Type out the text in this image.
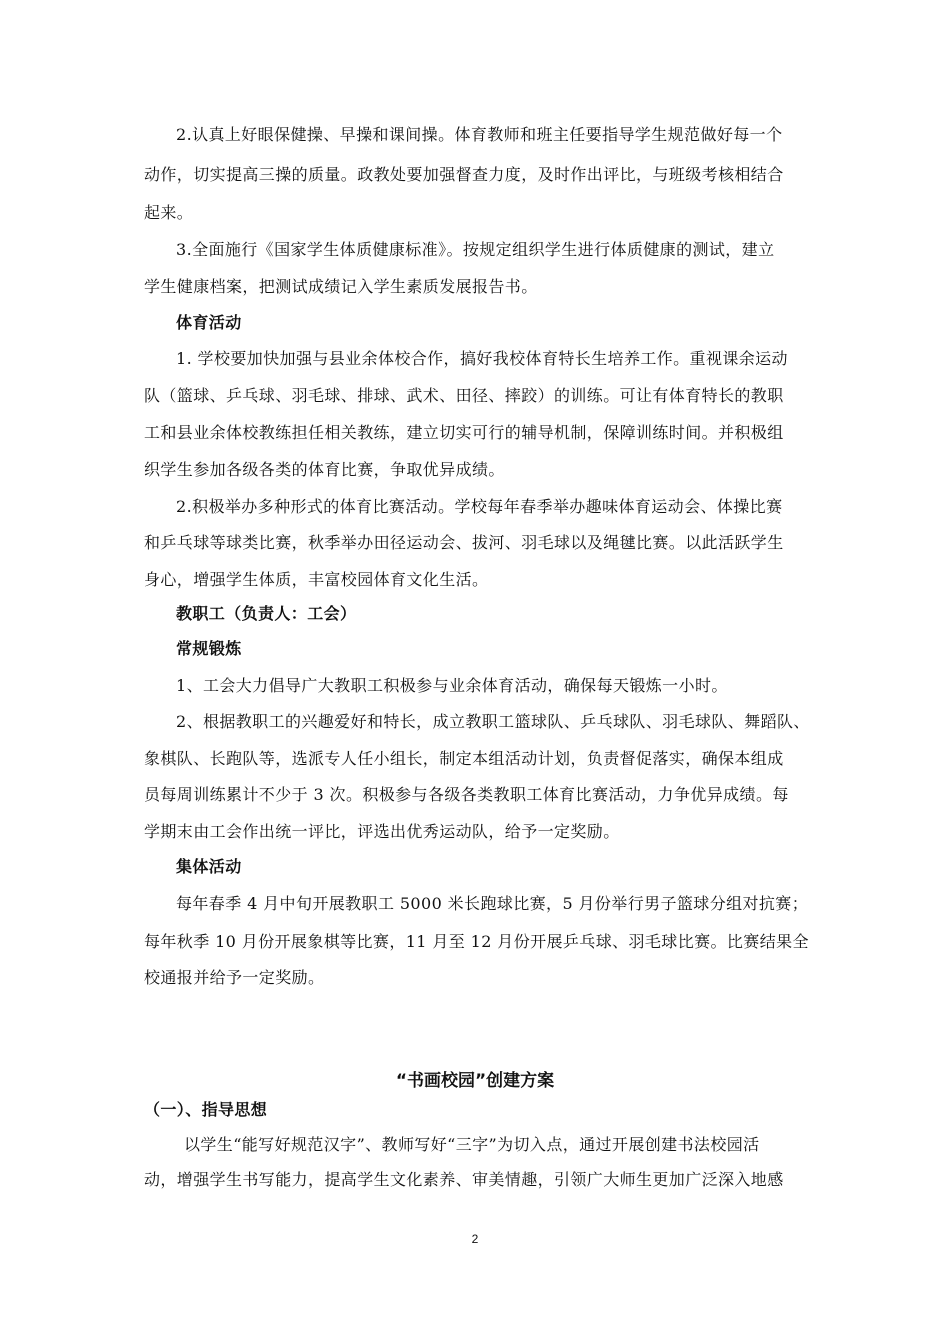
2.认真上好眼保健操、早操和课间操。体育教师和班主任要指导学生规范做好每一个
动作，切实提高三操的质量。政教处要加强督查力度，及时作出评比，与班级考核相结合
起来。
3.全面施行《国家学生体质健康标准》。按规定组织学生进行体质健康的测试，建立
学生健康档案，把测试成绩记入学生素质发展报告书。
体育活动
1. 学校要加快加强与县业余体校合作，搞好我校体育特长生培养工作。重视课余运动
队（篮球、乒乓球、羽毛球、排球、武术、田径、摔跤）的训练。可让有体育特长的教职
工和县业余体校教练担任相关教练，建立切实可行的辅导机制，保障训练时间。并积极组
织学生参加各级各类的体育比赛，争取优异成绩。
2.积极举办多种形式的体育比赛活动。学校每年春季举办趣味体育运动会、体操比赛
和乒乓球等球类比赛，秋季举办田径运动会、拔河、羽毛球以及绳毽比赛。以此活跃学生
身心，增强学生体质，丰富校园体育文化生活。
教职工（负责人：工会）
常规锻炼
1、工会大力倡导广大教职工积极参与业余体育活动，确保每天锻炼一小时。
2、根据教职工的兴趣爱好和特长，成立教职工篮球队、乒乓球队、羽毛球队、舞蹈队、
象棋队、长跑队等，选派专人任小组长，制定本组活动计划，负责督促落实，确保本组成
员每周训练累计不少于 3 次。积极参与各级各类教职工体育比赛活动，力争优异成绩。每
学期末由工会作出统一评比，评选出优秀运动队，给予一定奖励。
集体活动
每年春季 4 月中旬开展教职工 5000 米长跑球比赛，5 月份举行男子篮球分组对抗赛；
每年秋季 10 月份开展象棋等比赛，11 月至 12 月份开展乒乓球、羽毛球比赛。比赛结果全
校通报并给予一定奖励。
“书画校园”创建方案
（一）、指导思想
以学生“能写好规范汉字”、教师写好“三字”为切入点，通过开展创建书法校园活
动，增强学生书写能力，提高学生文化素养、审美情趣，引领广大师生更加广泛深入地感
2
